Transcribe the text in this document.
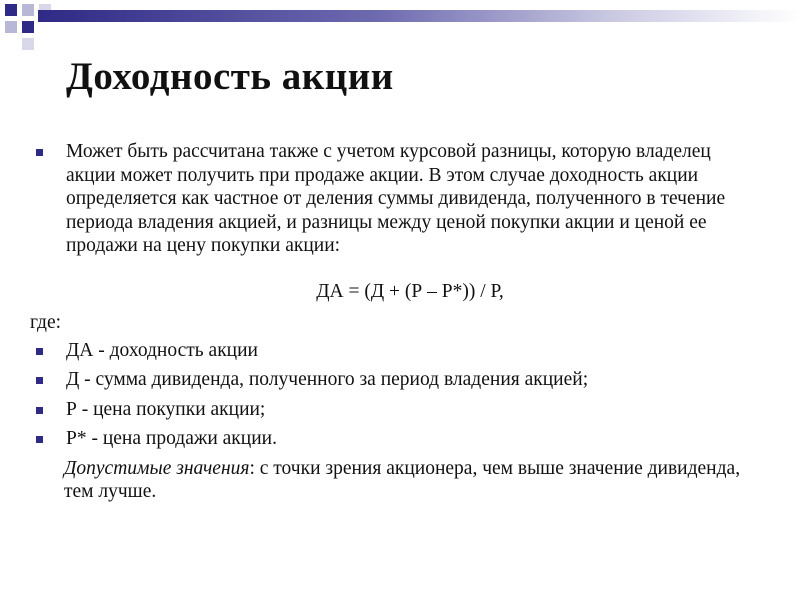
Доходность акции
Может быть рассчитана также с учетом курсовой разницы, которую владелец акции может получить при продаже акции. В этом случае доходность акции определяется как частное от деления суммы дивиденда, полученного в течение периода владения акцией, и разницы между ценой покупки акции и ценой ее продажи на цену покупки акции:
ДА = (Д + (Р – Р*)) / Р,
где:
ДА - доходность акции
Д - сумма дивиденда, полученного за период владения акцией;
Р - цена покупки акции;
Р* - цена продажи акции.
Допустимые значения: с точки зрения акционера, чем выше значение дивиденда, тем лучше.
